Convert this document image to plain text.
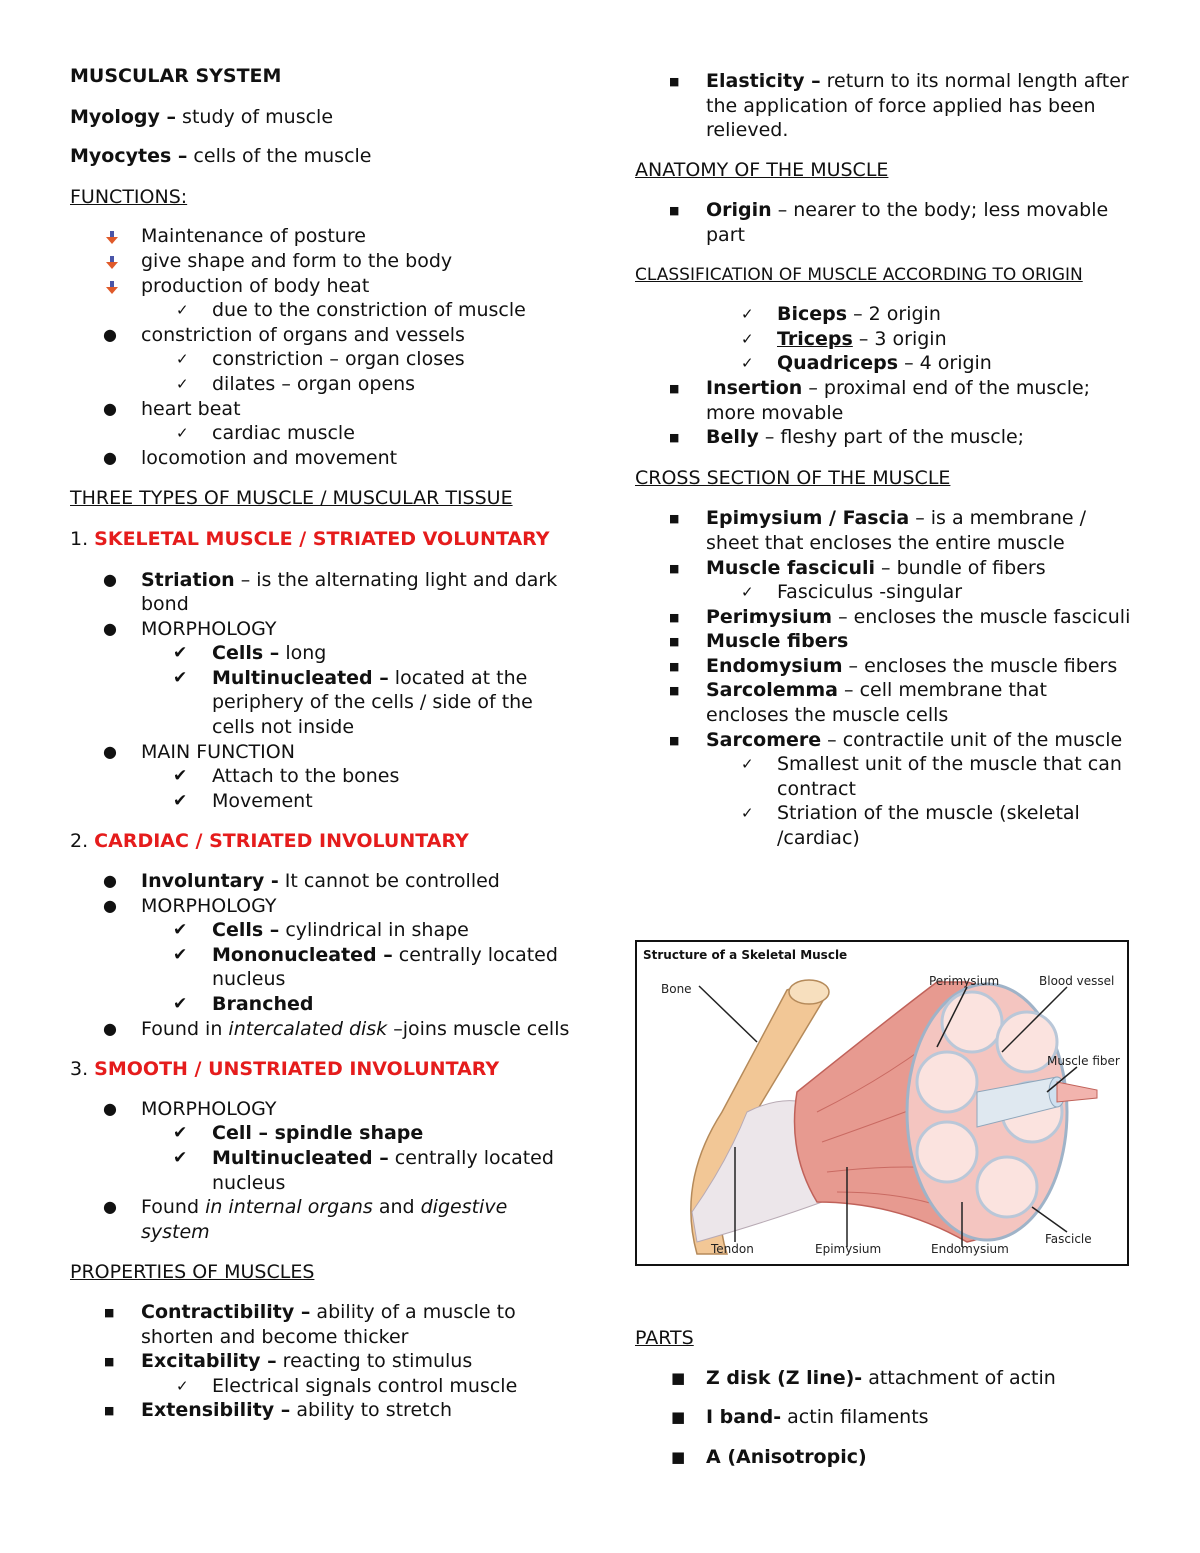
MUSCULAR SYSTEM

Myology – study of muscle

Myocytes – cells of the muscle

FUNCTIONS:

Maintenance of posture
give shape and form to the body
production of body heat
✓ due to the constriction of muscle
● constriction of organs and vessels
✓ constriction – organ closes
✓ dilates – organ opens
● heart beat
✓ cardiac muscle
● locomotion and movement

THREE TYPES OF MUSCLE / MUSCULAR TISSUE

1. SKELETAL MUSCLE / STRIATED VOLUNTARY

● Striation – is the alternating light and dark bond
● MORPHOLOGY
✔ Cells – long
✔ Multinucleated – located at the periphery of the cells / side of the cells not inside
● MAIN FUNCTION
✔ Attach to the bones
✔ Movement

2. CARDIAC / STRIATED INVOLUNTARY

● Involuntary - It cannot be controlled
● MORPHOLOGY
✔ Cells – cylindrical in shape
✔ Mononucleated – centrally located nucleus
✔ Branched
● Found in intercalated disk –joins muscle cells

3. SMOOTH / UNSTRIATED INVOLUNTARY

● MORPHOLOGY
✔ Cell – spindle shape
✔ Multinucleated – centrally located nucleus
● Found in internal organs and digestive system

PROPERTIES OF MUSCLES

■ Contractibility – ability of a muscle to shorten and become thicker
■ Excitability – reacting to stimulus
✓ Electrical signals control muscle
■ Extensibility – ability to stretch
■ Elasticity – return to its normal length after the application of force applied has been relieved.

ANATOMY OF THE MUSCLE

■ Origin – nearer to the body; less movable part

CLASSIFICATION OF MUSCLE ACCORDING TO ORIGIN

✓ Biceps – 2 origin
✓ Triceps – 3 origin
✓ Quadriceps – 4 origin
■ Insertion – proximal end of the muscle; more movable
■ Belly – fleshy part of the muscle;

CROSS SECTION OF THE MUSCLE

■ Epimysium / Fascia – is a membrane / sheet that encloses the entire muscle
■ Muscle fasciculi – bundle of fibers
✓ Fasciculus -singular
■ Perimysium – encloses the muscle fasciculi
■ Muscle fibers
■ Endomysium – encloses the muscle fibers
■ Sarcolemma – cell membrane that encloses the muscle cells
■ Sarcomere – contractile unit of the muscle
✓ Smallest unit of the muscle that can contract
✓ Striation of the muscle (skeletal /cardiac)
Structure of a Skeletal Muscle
Bone
Perimysium	Blood vessel
Muscle fiber
Fascicle
Tendon	Epimysium	Endomysium

PARTS

■ Z disk (Z line)- attachment of actin
■ I band- actin filaments
■ A (Anisotropic)
